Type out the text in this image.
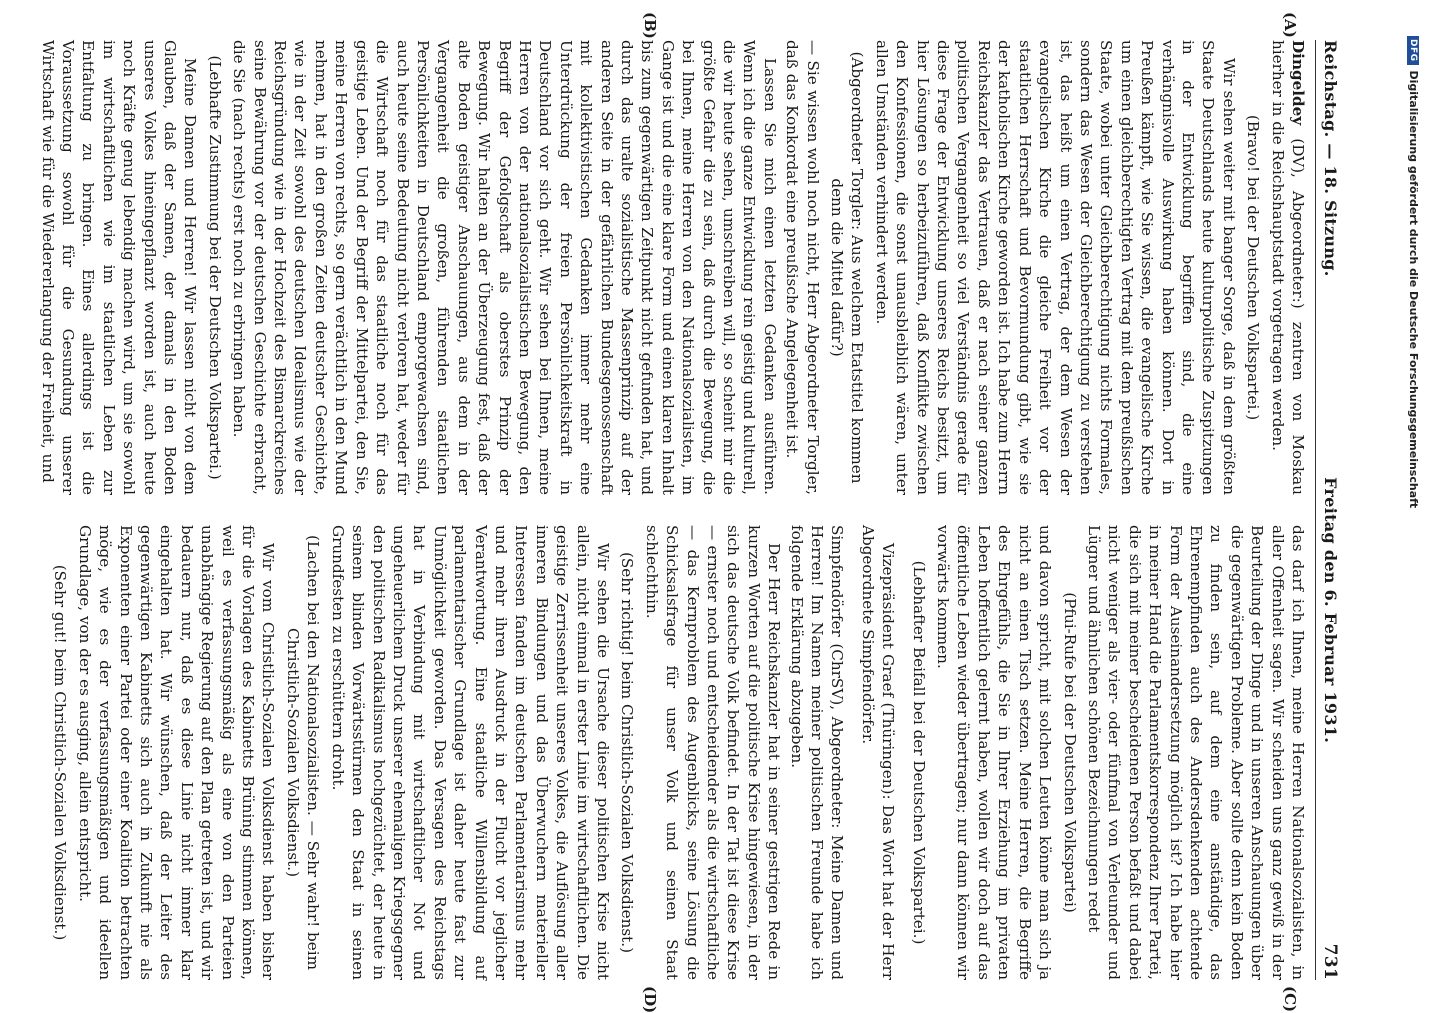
Reichstag. — 18. Sitzung.
Freitag den 6. Februar 1931.
731

Dingeldey (DV), Abgeordneter:) zentren von Moskau hierher in die Reichshauptstadt vorgetragen werden.

(Bravo! bei der Deutschen Volkspartei.)

Wir sehen weiter mit banger Sorge, daß in dem größten Staate Deutschlands heute kulturpolitische Zuspitzungen in der Entwicklung begriffen sind, die eine verhängnisvolle Auswirkung haben können. Dort in Preußen kämpft, wie Sie wissen, die evangelische Kirche um einen gleichberechtigten Vertrag mit dem preußischen Staate, wobei unter Gleichberechtigung nichts Formales, sondern das Wesen der Gleichberechtigung zu verstehen ist, das heißt um einen Vertrag, der dem Wesen der evangelischen Kirche die gleiche Freiheit vor der staatlichen Herrschaft und Bevormundung gibt, wie sie der katholischen Kirche geworden ist. Ich habe zum Herrn Reichskanzler das Vertrauen, daß er nach seiner ganzen politischen Vergangenheit so viel Verständnis gerade für diese Frage der Entwicklung unseres Reichs besitzt, um hier Lösungen so herbeizuführen, daß Konflikte zwischen den Konfessionen, die sonst unausbleiblich wären, unter allen Umständen verhindert werden.

(Abgeordneter Torgler: Aus welchem Etatstitel kommen denn die Mittel dafür?)

— Sie wissen wohl noch nicht, Herr Abgeordneter Torgler, daß das Konkordat eine preußische Angelegenheit ist.

Lassen Sie mich einen letzten Gedanken ausführen. Wenn ich die ganze Entwicklung rein geistig und kulturell, die wir heute sehen, umschreiben will, so scheint mir die größte Gefahr die zu sein, daß durch die Bewegung, die bei Ihnen, meine Herren von den Nationalsozialisten, im Gange ist und die eine klare Form und einen klaren Inhalt bis zum gegenwärtigen Zeitpunkt nicht gefunden hat, und durch das uralte sozialistische Massenprinzip auf der anderen Seite in der gefährlichen Bundesgenossenschaft mit kollektivistischen Gedanken immer mehr eine Unterdrückung der freien Persönlichkeitskraft in Deutschland vor sich geht. Wir sehen bei Ihnen, meine Herren von der nationalsozialistischen Bewegung, den Begriff der Gefolgschaft als oberstes Prinzip der Bewegung. Wir halten an der Überzeugung fest, daß der alte Boden geistiger Anschauungen, aus dem in der Vergangenheit die großen, führenden staatlichen Persönlichkeiten in Deutschland emporgewachsen sind, auch heute seine Bedeutung nicht verloren hat, weder für die Wirtschaft noch für das staatliche noch für das geistige Leben. Und der Begriff der Mittelpartei, den Sie, meine Herren von rechts, so gern verächtlich in den Mund nehmen, hat in den großen Zeiten deutscher Geschichte, wie in der Zeit sowohl des deutschen Idealismus wie der Reichsgründung wie in der Hochzeit des Bismarckreiches seine Bewährung vor der deutschen Geschichte erbracht, die Sie (nach rechts) erst noch zu erbringen haben.

(Lebhafte Zustimmung bei der Deutschen Volkspartei.)

Meine Damen und Herren! Wir lassen nicht von dem Glauben, daß der Samen, der damals in den Boden unseres Volkes hineingepflanzt worden ist, auch heute noch Kräfte genug lebendig machen wird, um sie sowohl im wirtschaftlichen wie im staatlichen Leben zur Entfaltung zu bringen. Eines allerdings ist die Voraussetzung sowohl für die Gesundung unserer Wirtschaft wie für die Wiedererlangung der Freiheit, und

das darf ich Ihnen, meine Herren Nationalsozialisten, in aller Offenheit sagen. Wir scheiden uns ganz gewiß in der Beurteilung der Dinge und in unseren Anschauungen über die gegenwärtigen Probleme. Aber sollte denn kein Boden zu finden sein, auf dem eine anständige, das Ehrenempfinden auch des Andersdenkenden achtende Form der Auseinandersetzung möglich ist? Ich habe hier in meiner Hand die Parlamentskorrespondenz Ihrer Partei, die sich mit meiner bescheidenen Person befaßt und dabei nicht weniger als vier- oder fünfmal von Verleumder und Lügner und ähnlichen schönen Bezeichnungen redet

(Pfui-Rufe bei der Deutschen Volkspartei)

und davon spricht, mit solchen Leuten könne man sich ja nicht an einen Tisch setzen. Meine Herren, die Begriffe des Ehrgefühls, die Sie in Ihrer Erziehung im privaten Leben hoffentlich gelernt haben, wollen wir doch auf das öffentliche Leben wieder übertragen; nur dann können wir vorwärts kommen.

(Lebhafter Beifall bei der Deutschen Volkspartei.)

Vizepräsident Graef (Thüringen): Das Wort hat der Herr Abgeordnete Simpfendörfer.

Simpfendörfer (ChrSV), Abgeordneter: Meine Damen und Herren! Im Namen meiner politischen Freunde habe ich folgende Erklärung abzugeben.

Der Herr Reichskanzler hat in seiner gestrigen Rede in kurzen Worten auf die politische Krise hingewiesen, in der sich das deutsche Volk befindet. In der Tat ist diese Krise — ernster noch und entscheidender als die wirtschaftliche — das Kernproblem des Augenblicks, seine Lösung die Schicksalsfrage für unser Volk und seinen Staat schlechthin.

(Sehr richtig! beim Christlich-Sozialen Volksdienst.)

Wir sehen die Ursache dieser politischen Krise nicht allein, nicht einmal in erster Linie im wirtschaftlichen. Die geistige Zerrissenheit unseres Volkes, die Auflösung aller inneren Bindungen und das Überwuchern materieller Interessen fanden im deutschen Parlamentarismus mehr und mehr ihren Ausdruck in der Flucht vor jeglicher Verantwortung. Eine staatliche Willensbildung auf parlamentarischer Grundlage ist daher heute fast zur Unmöglichkeit geworden. Das Versagen des Reichstags hat in Verbindung mit wirtschaftlicher Not und ungeheuerlichem Druck unserer ehemaligen Kriegsgegner den politischen Radikalismus hochgezüchtet, der heute in seinem blinden Vorwärtsstürmen den Staat in seinen Grundfesten zu erschüttern droht.

(Lachen bei den Nationalsozialisten. — Sehr wahr! beim Christlich-Sozialen Volksdienst.)

Wir vom Christlich-Sozialen Volksdienst haben bisher für die Vorlagen des Kabinetts Brüning stimmen können, weil es verfassungsmäßig als eine von den Parteien unabhängige Regierung auf den Plan getreten ist, und wir bedauern nur, daß es diese Linie nicht immer klar eingehalten hat. Wir wünschen, daß der Leiter des gegenwärtigen Kabinetts sich auch in Zukunft nie als Exponenten einer Partei oder einer Koalition betrachten möge, wie es der verfassungsmäßigen und ideellen Grundlage, von der es ausging, allein entspricht.

(Sehr gut! beim Christlich-Sozialen Volksdienst.)

(A)
(B)
(C)
(D)
DFG
Digitalisierung gefördert durch die Deutsche Forschungsgemeinschaft
